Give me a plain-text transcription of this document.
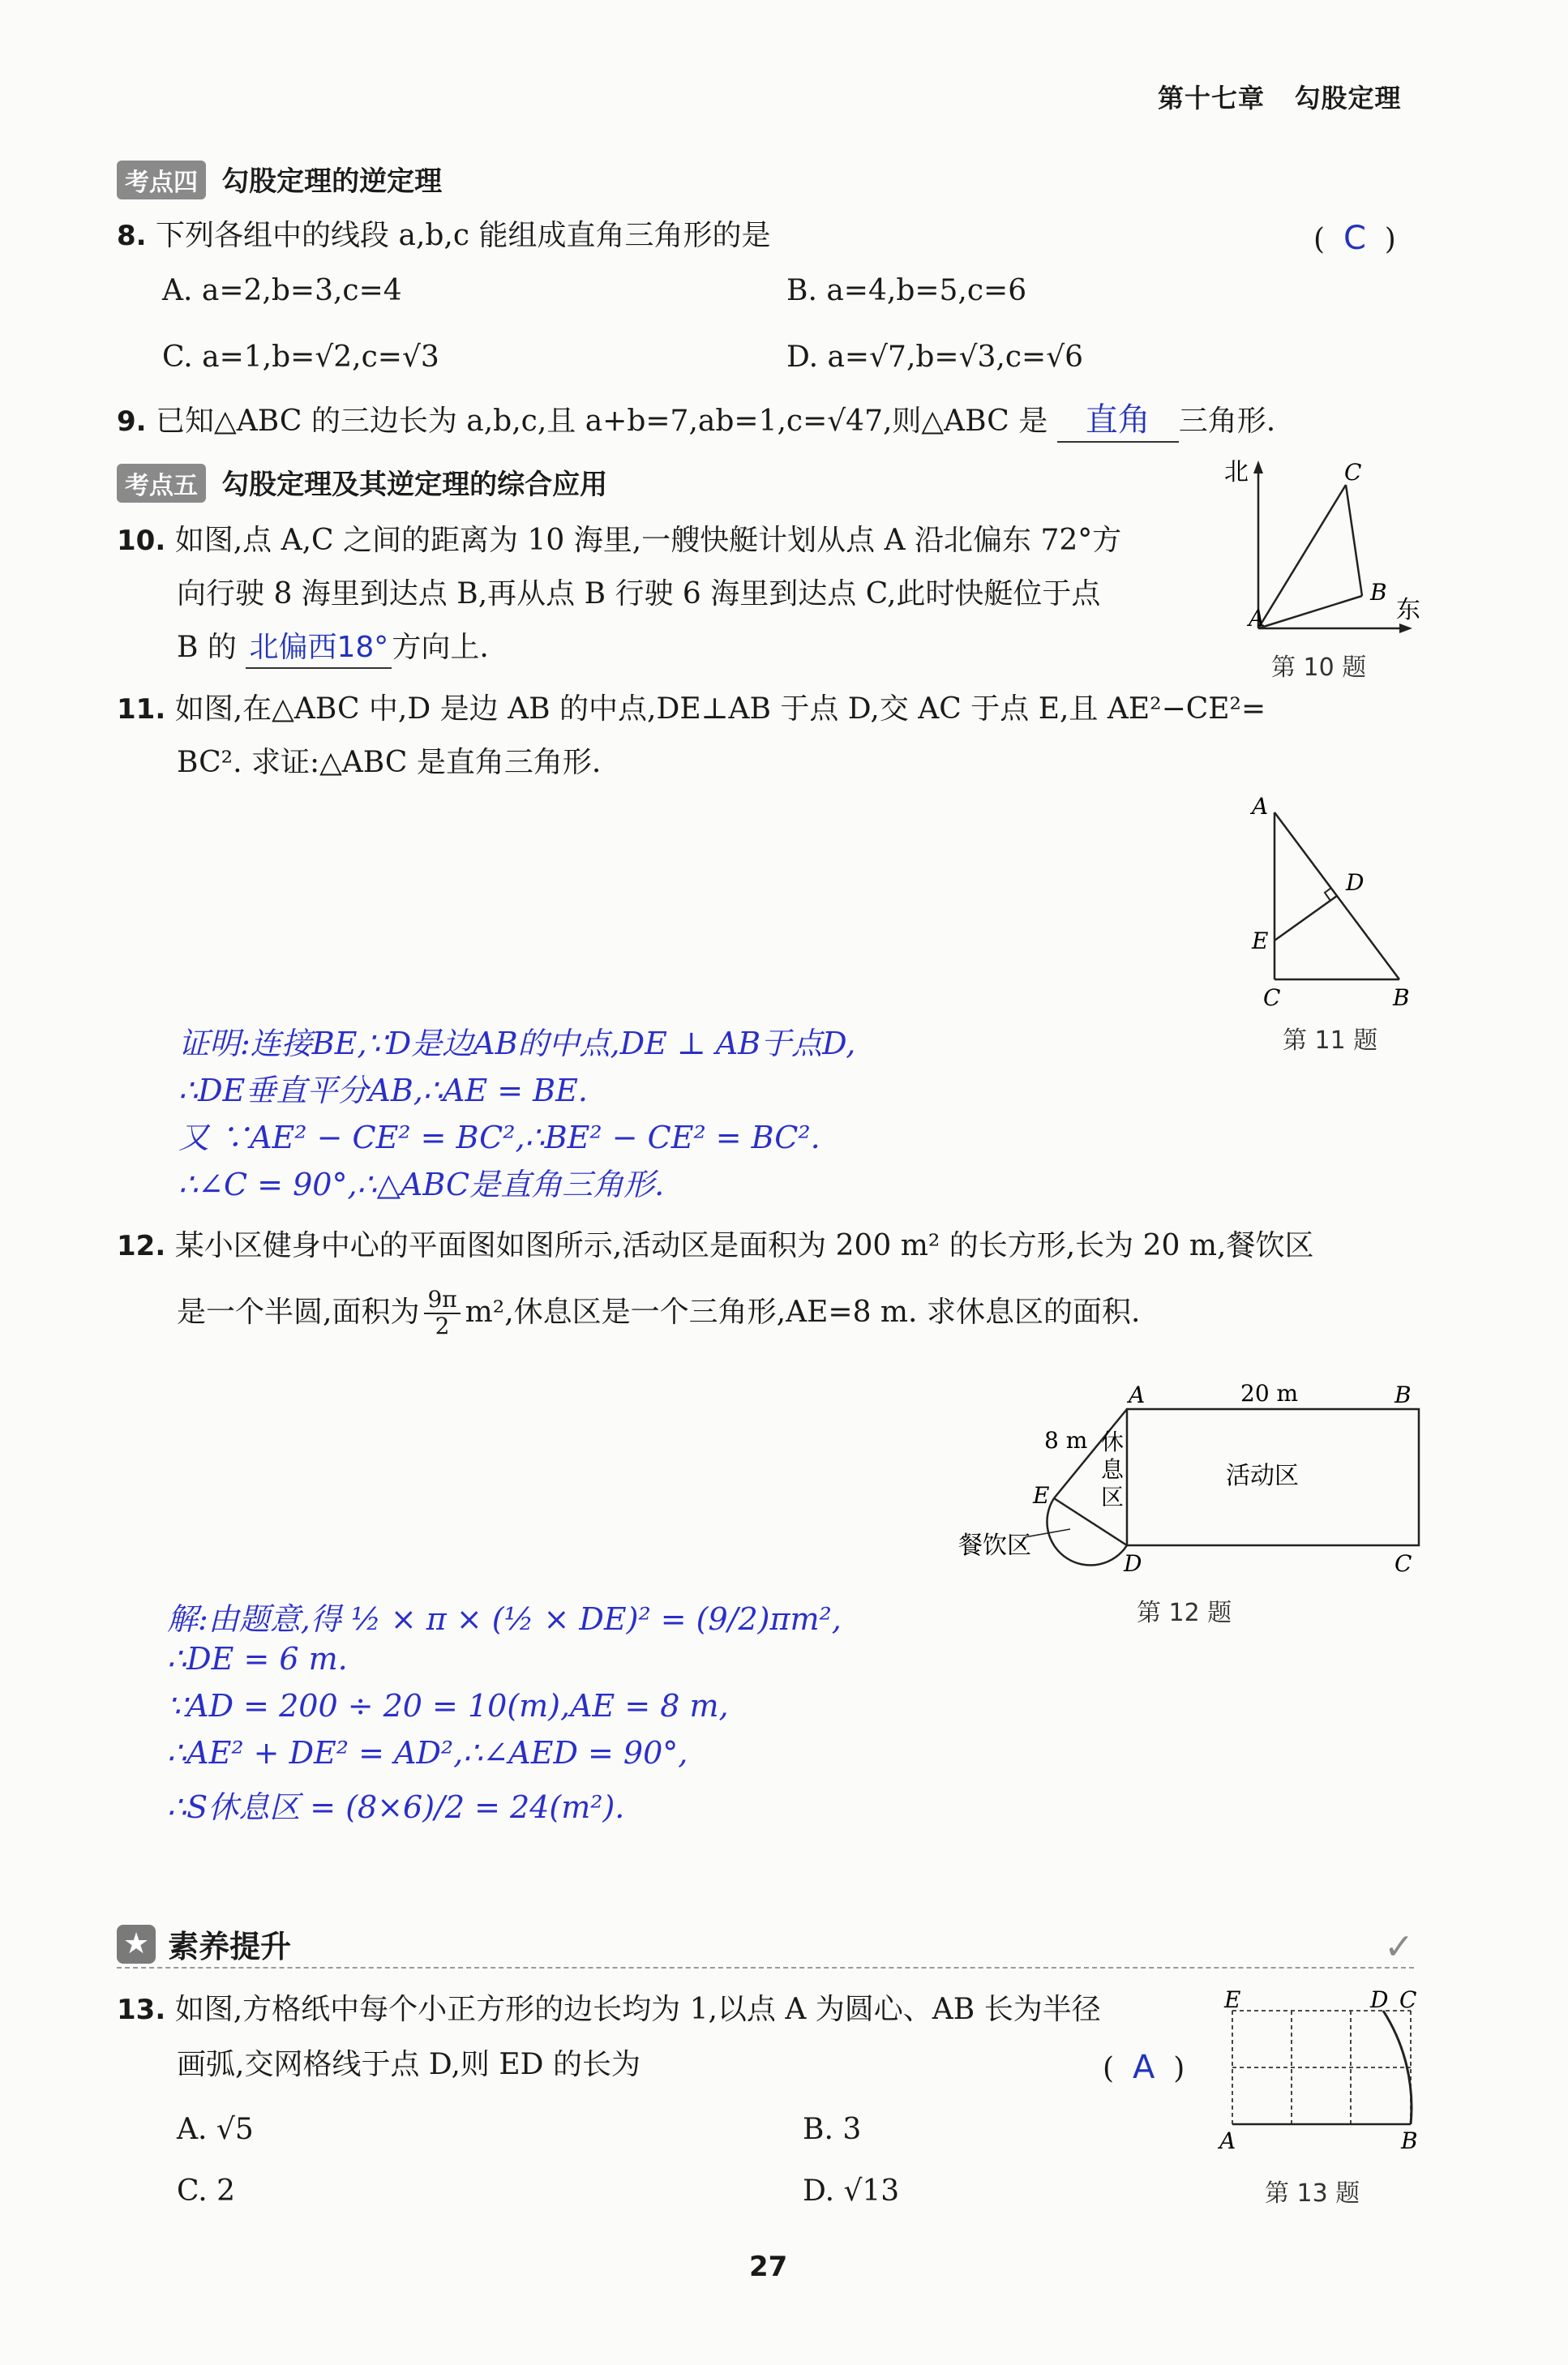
第十七章 勾股定理
考点四 勾股定理的逆定理
8. 下列各组中的线段 a,b,c 能组成直角三角形的是	(  C  )
A. a=2,b=3,c=4	B. a=4,b=5,c=6
C. a=1,b=√2,c=√3	D. a=√7,b=√3,c=√6
9. 已知△ABC 的三边长为 a,b,c,且 a+b=7,ab=1,c=√47,则△ABC 是 直角 三角形.
考点五 勾股定理及其逆定理的综合应用
10. 如图,点 A,C 之间的距离为 10 海里,一艘快艇计划从点 A 沿北偏东 72°方
向行驶 8 海里到达点 B,再从点 B 行驶 6 海里到达点 C,此时快艇位于点
B 的 北偏西18° 方向上.
北
东
A
B
C
第 10 题
11. 如图,在△ABC 中,D 是边 AB 的中点,DE⊥AB 于点 D,交 AC 于点 E,且 AE²−CE²=
BC². 求证:△ABC 是直角三角形.
A
D
E
C	B
第 11 题
证明:连接BE,∵D是边AB的中点,DE ⊥ AB于点D,
∴DE垂直平分AB,∴AE = BE.
又 ∵AE² − CE² = BC²,∴BE² − CE² = BC².
∴∠C = 90°,∴△ABC是直角三角形.
12. 某小区健身中心的平面图如图所示,活动区是面积为 200 m² 的长方形,长为 20 m,餐饮区
是一个半圆,面积为 $\frac{9\pi}{2} m^2$,休息区是一个三角形,AE=8 m. 求休息区的面积.
A	B
C
D
E
20 m
8 m 休
息
区
活动区
餐饮区
第 12 题
解:由题意,得 ½ × π × (½ × DE)² = (9/2)πm²,
∴DE = 6 m.
∵AD = 200 ÷ 20 = 10(m),AE = 8 m,
∴AE² + DE² = AD²,∴∠AED = 90°,
∴S休息区 = (8×6)/2 = 24(m²).
★ 素养提升	✓
13. 如图,方格纸中每个小正方形的边长均为 1,以点 A 为圆心、AB 长为半径
画弧,交网格线于点 D,则 ED 的长为	(  A  )
A. √5	B. 3
C. 2	D. √13
E	D C
A	B
第 13 题
27
